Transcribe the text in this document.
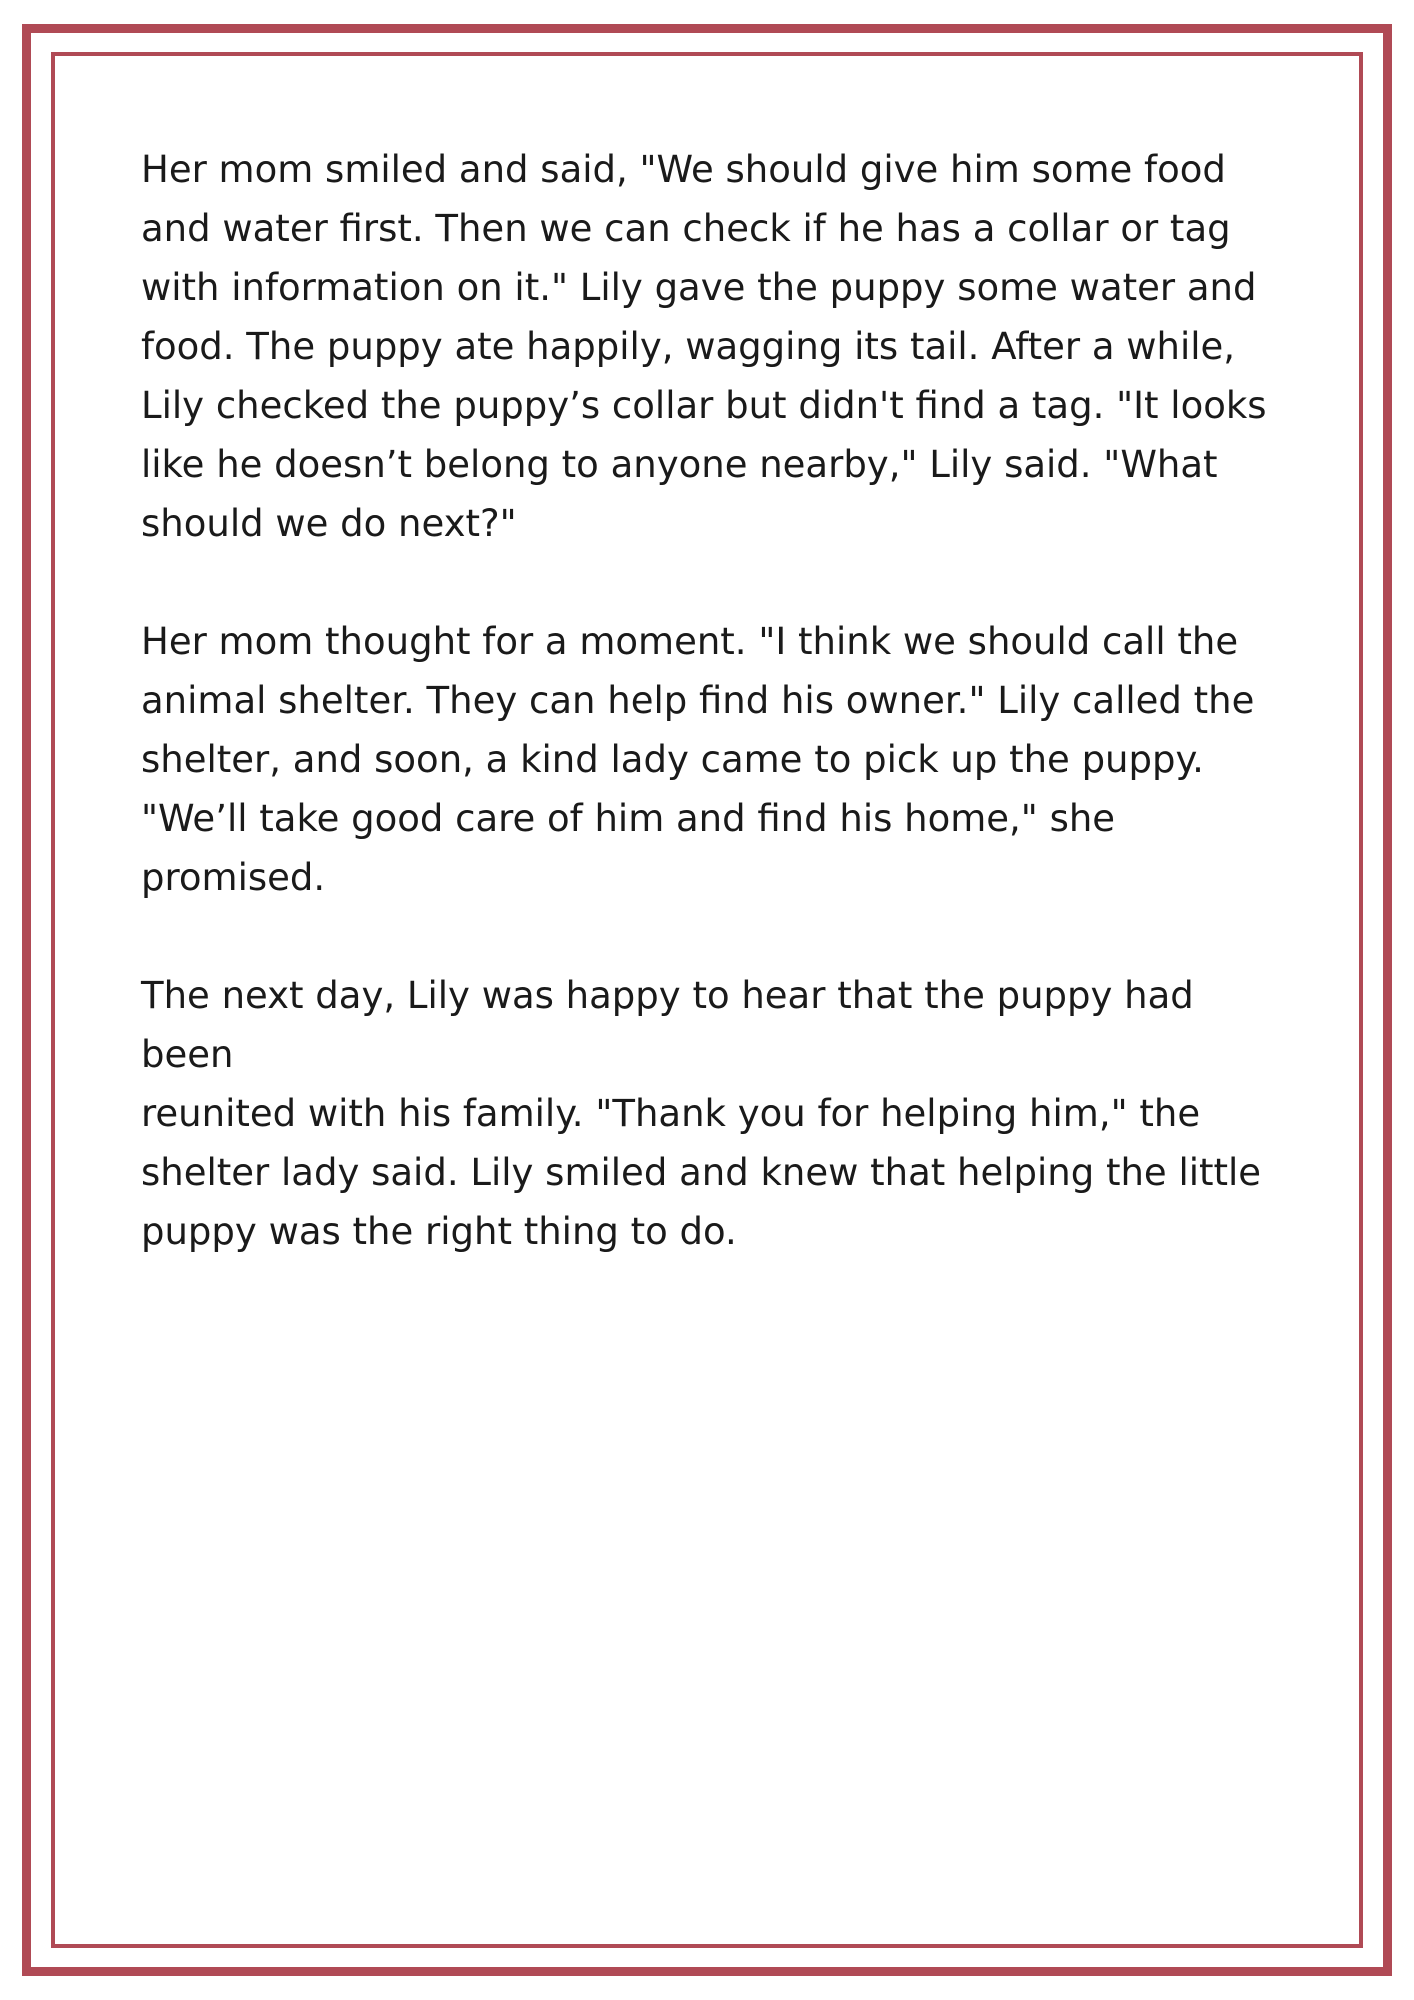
Her mom smiled and said, "We should give him some food
and water first. Then we can check if he has a collar or tag
with information on it." Lily gave the puppy some water and
food. The puppy ate happily, wagging its tail. After a while,
Lily checked the puppy’s collar but didn't find a tag. "It looks
like he doesn’t belong to anyone nearby," Lily said. "What
should we do next?"

Her mom thought for a moment. "I think we should call the
animal shelter. They can help find his owner." Lily called the
shelter, and soon, a kind lady came to pick up the puppy.
"We’ll take good care of him and find his home," she
promised.

The next day, Lily was happy to hear that the puppy had been
reunited with his family. "Thank you for helping him," the
shelter lady said. Lily smiled and knew that helping the little
puppy was the right thing to do.
